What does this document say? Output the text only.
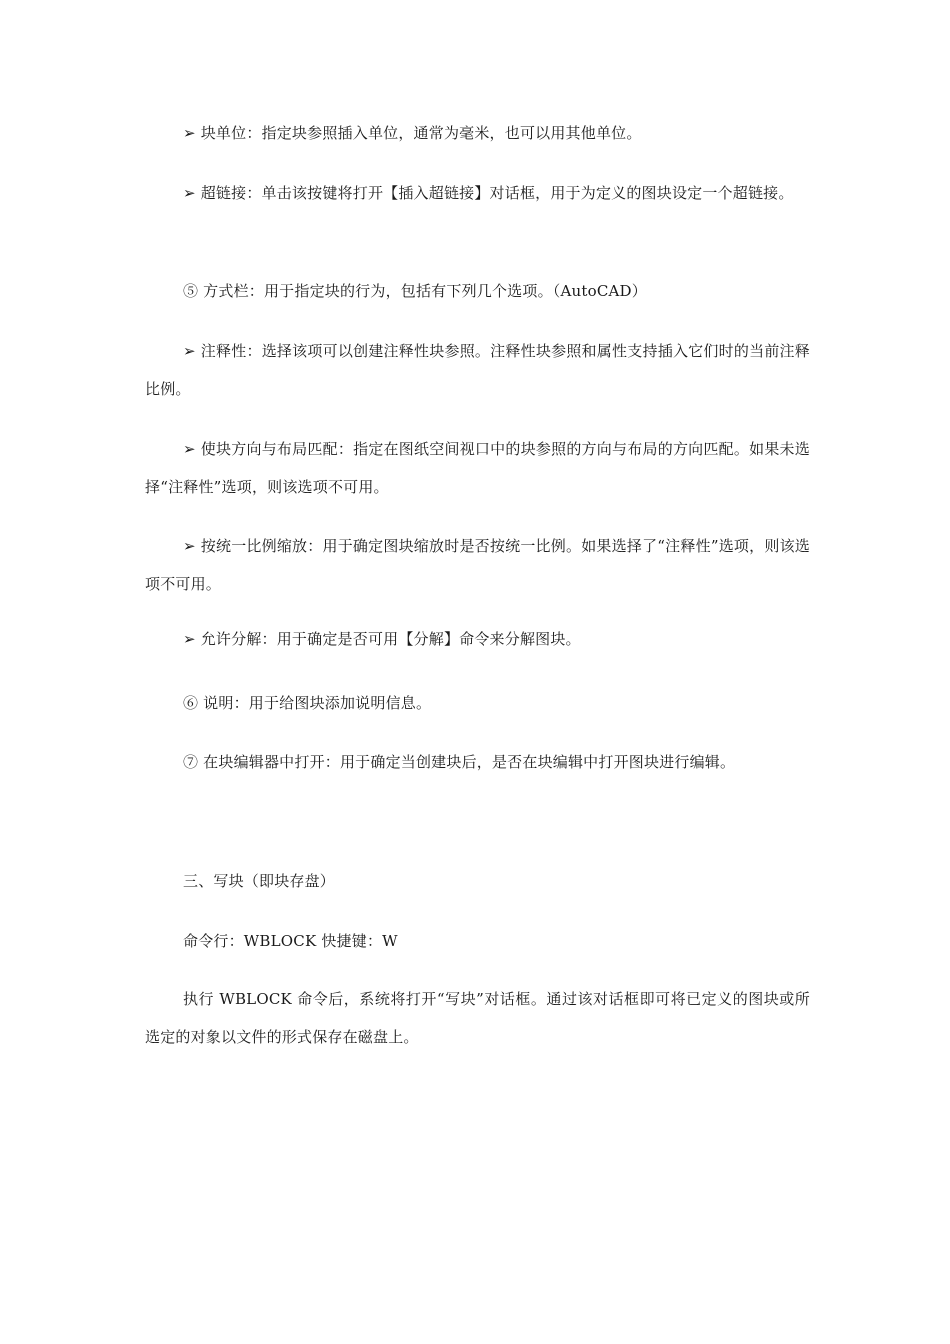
➢ 块单位：指定块参照插入单位，通常为毫米，也可以用其他单位。

➢ 超链接：单击该按键将打开【插入超链接】对话框，用于为定义的图块设定一个超链接。

⑤ 方式栏：用于指定块的行为，包括有下列几个选项。（AutoCAD）

➢ 注释性：选择该项可以创建注释性块参照。注释性块参照和属性支持插入它们时的当前注释比例。

➢ 使块方向与布局匹配：指定在图纸空间视口中的块参照的方向与布局的方向匹配。如果未选择“注释性”选项，则该选项不可用。

➢ 按统一比例缩放：用于确定图块缩放时是否按统一比例。如果选择了“注释性”选项，则该选项不可用。

➢ 允许分解：用于确定是否可用【分解】命令来分解图块。

⑥ 说明：用于给图块添加说明信息。

⑦ 在块编辑器中打开：用于确定当创建块后，是否在块编辑中打开图块进行编辑。

三、写块（即块存盘）

命令行：WBLOCK 快捷键：W

执行 WBLOCK 命令后，系统将打开“写块”对话框。通过该对话框即可将已定义的图块或所选定的对象以文件的形式保存在磁盘上。
